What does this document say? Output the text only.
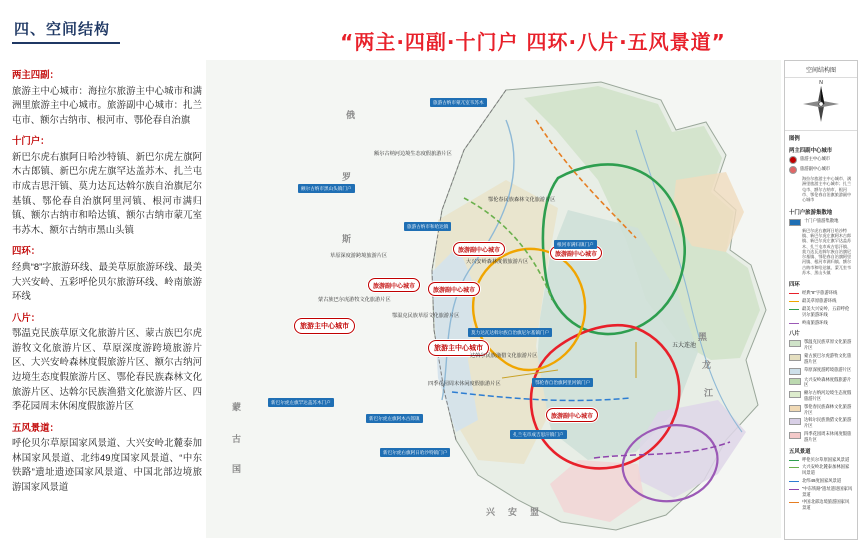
四、空间结构
“两主·四副·十门户 四环·八片·五风景道”
两主四副：
旅游主中心城市：海拉尔旅游主中心城市和满洲里旅游主中心城市。旅游副中心城市：扎兰屯市、额尔古纳市、根河市、鄂伦春自治旗
十门户：
新巴尔虎右旗阿日哈沙特镇、新巴尔虎左旗阿木古郎镇、新巴尔虎左旗罕达盖苏木、扎兰屯市成吉思汗镇、莫力达瓦达斡尔族自治旗尼尔基镇、鄂伦春自治旗阿里河镇、根河市满归镇、额尔古纳市和哈达镇、额尔古纳市蒙兀室韦苏木、额尔古纳市黑山头镇
四环：
经典“8”字旅游环线、最美草原旅游环线、最美大兴安岭、五彩呼伦贝尔旅游环线、岭南旅游环线
八片：
鄂温克民族草原文化旅游片区、蒙古族巴尔虎游牧文化旅游片区、草原深度游跨境旅游片区、大兴安岭森林度假旅游片区、额尔古纳河边境生态度假旅游片区、鄂伦春民族森林文化旅游片区、达斡尔民族渔猎文化旅游片区、四季花园周末休闲度假旅游片区
五风景道：
呼伦贝尔草原国家风景道、大兴安岭北麓泰加林国家风景道、北纬49度国家风景道、“中东铁路”遗址遗迹国家风景道、中国北部边境旅游国家风景道
俄
罗
斯
蒙
古
国
黑
龙
江
兴 安 盟
旅游主中心城市
旅游主中心城市
旅游副中心城市
旅游副中心城市
旅游副中心城市
旅游副中心城市
旅游副中心城市
旅游古纳市蒙兀室韦苏木
旅游古纳市和哈达镇
根河市满归镇门户
鄂伦春自治旗阿里河镇门户
新巴尔虎左旗罕达盖苏木门户
新巴尔虎左旗阿木古郎镇
新巴尔虎右旗阿日哈沙特镇门户
莫力达瓦达斡尔族自治旗尼尔基镇门户
扎兰屯市成吉思汗镇门户
额尔古纳市黑山头镇门户
额尔古纳河边境生态度假旅游片区
鄂伦春民族森林文化旅游片区
大兴安岭森林度假旅游片区
草原深度游跨境旅游片区
蒙古族巴尔虎游牧文化旅游片区
鄂温克民族草原文化旅游片区
达斡尔民族渔猎文化旅游片区
四季花园周末休闲度假旅游片区
五大连池
空间结构图
N
图例
两主四副中心城市
旅游主中心城市
旅游副中心城市
海拉尔旅游主中心城市、满洲里旅游主中心城市；扎兰屯市、额尔古纳市、根河市、鄂伦春自治旗旅游副中心城市
十门户旅游集散地
十门户旅游集散地
新巴尔虎右旗阿日哈沙特镇、新巴尔虎左旗阿木古郎镇、新巴尔虎左旗罕达盖苏木、扎兰屯市成吉思汗镇、莫力达瓦达斡尔族自治旗尼尔基镇、鄂伦春自治旗阿里河镇、根河市满归镇、额尔古纳市和哈达镇、蒙兀室韦苏木、黑山头镇
四环
经典“8”字旅游环线
最美草原旅游环线
最美大兴安岭、五彩呼伦贝尔旅游环线
岭南旅游环线
八片
鄂温克民族草原文化旅游片区
蒙古族巴尔虎游牧文化旅游片区
草原深度游跨境旅游片区
大兴安岭森林度假旅游片区
额尔古纳河边境生态度假旅游片区
鄂伦春民族森林文化旅游片区
达斡尔民族渔猎文化旅游片区
四季花园周末休闲度假旅游片区
五风景道
呼伦贝尔草原国家风景道
大兴安岭北麓泰加林国家风景道
北纬49度国家风景道
“中东铁路”遗址遗迹国家风景道
中国北部边境旅游国家风景道
